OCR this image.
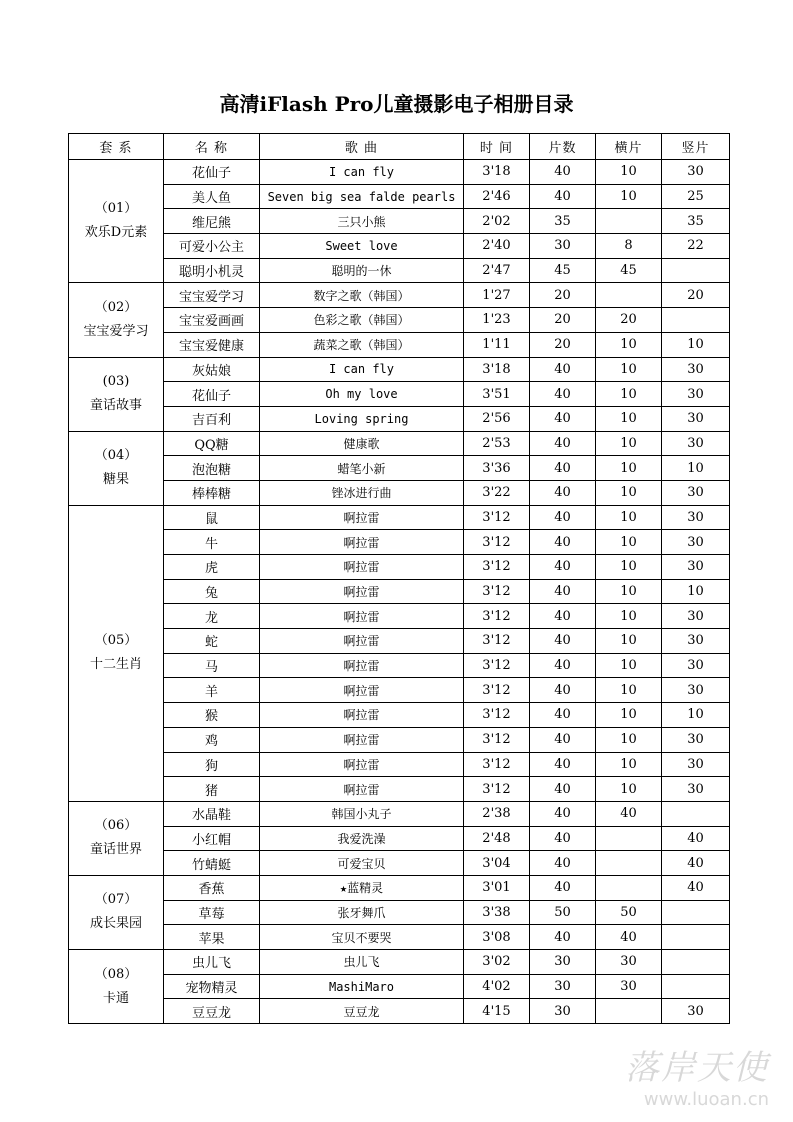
高清iFlash Pro儿童摄影电子相册目录
套 系	名 称	歌 曲	时 间	片数	横片	竖片

（01）
欢乐D元素	花仙子	I can fly	3'18	40	10	30
	美人鱼	Seven big sea falde pearls	2'46	40	10	25
	维尼熊	三只小熊	2'02	35		35
	可爱小公主	Sweet love	2'40	30	8	22
	聪明小机灵	聪明的一休	2'47	45	45	

（02）
宝宝爱学习	宝宝爱学习	数字之歌（韩国）	1'27	20		20
	宝宝爱画画	色彩之歌（韩国）	1'23	20	20	
	宝宝爱健康	蔬菜之歌（韩国）	1'11	20	10	10

(03)
童话故事	灰姑娘	I can fly	3'18	40	10	30
	花仙子	Oh my love	3'51	40	10	30
	吉百利	Loving spring	2'56	40	10	30

（04）
糖果	QQ糖	健康歌	2'53	40	10	30
	泡泡糖	蜡笔小新	3'36	40	10	10
	棒棒糖	锉冰进行曲	3'22	40	10	30

（05）
十二生肖	鼠	啊拉雷	3'12	40	10	30
	牛	啊拉雷	3'12	40	10	30
	虎	啊拉雷	3'12	40	10	30
	兔	啊拉雷	3'12	40	10	10
	龙	啊拉雷	3'12	40	10	30
	蛇	啊拉雷	3'12	40	10	30
	马	啊拉雷	3'12	40	10	30
	羊	啊拉雷	3'12	40	10	30
	猴	啊拉雷	3'12	40	10	10
	鸡	啊拉雷	3'12	40	10	30
	狗	啊拉雷	3'12	40	10	30
	猪	啊拉雷	3'12	40	10	30

（06）
童话世界	水晶鞋	韩国小丸子	2'38	40	40	
	小红帽	我爱洗澡	2'48	40		40
	竹蜻蜓	可爱宝贝	3'04	40		40

（07）
成长果园	香蕉	★蓝精灵	3'01	40		40
	草莓	张牙舞爪	3'38	50	50	
	苹果	宝贝不要哭	3'08	40	40	

（08）
卡通	虫儿飞	虫儿飞	3'02	30	30	
	宠物精灵	MashiMaro	4'02	30	30	
	豆豆龙	豆豆龙	4'15	30		30
落岸天使
www.luoan.cn
